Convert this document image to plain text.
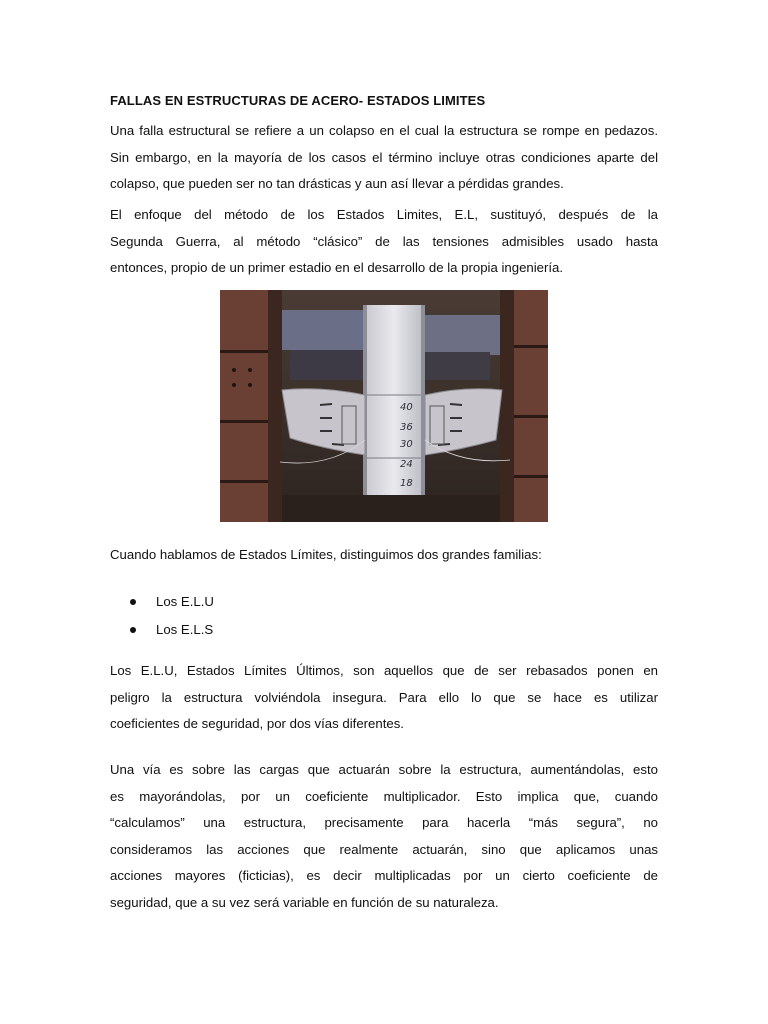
FALLAS EN ESTRUCTURAS DE ACERO- ESTADOS LIMITES
Una falla estructural se refiere a un colapso en el cual la estructura se rompe en pedazos.
Sin embargo, en la mayoría de los casos el término incluye otras condiciones aparte del
colapso, que pueden ser no tan drásticas y aun así llevar a pérdidas grandes.
El enfoque del método de los Estados Limites, E.L, sustituyó, después de la
Segunda Guerra, al método “clásico” de las tensiones admisibles usado hasta
entonces, propio de un primer estadio en el desarrollo de la propia ingeniería.
40
36
30
24
18
Cuando hablamos de Estados Límites, distinguimos dos grandes familias:
Los E.L.U
Los E.L.S
Los E.L.U, Estados Límites Últimos, son aquellos que de ser rebasados ponen en
peligro la estructura volviéndola insegura. Para ello lo que se hace es utilizar
coeficientes de seguridad, por dos vías diferentes.
Una vía es sobre las cargas que actuarán sobre la estructura, aumentándolas, esto
es mayorándolas, por un coeficiente multiplicador. Esto implica que, cuando
“calculamos” una estructura, precisamente para hacerla “más segura”, no
consideramos las acciones que realmente actuarán, sino que aplicamos unas
acciones mayores (ficticias), es decir multiplicadas por un cierto coeficiente de
seguridad, que a su vez será variable en función de su naturaleza.
